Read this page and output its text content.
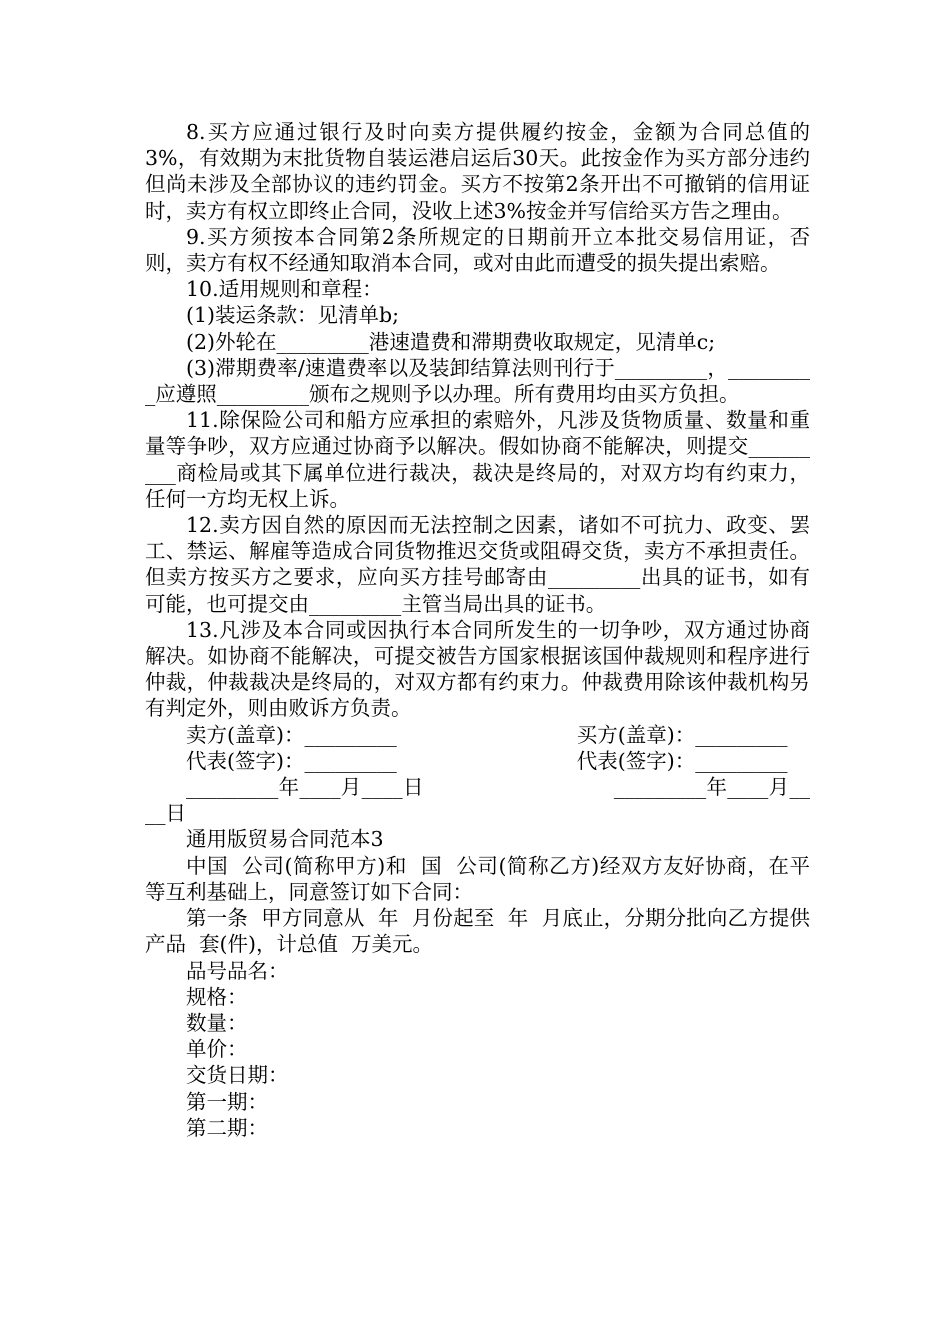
8.买方应通过银行及时向卖方提供履约按金，金额为合同总值的3%，有效期为末批货物自装运港启运后30天。此按金作为买方部分违约但尚未涉及全部协议的违约罚金。买方不按第2条开出不可撤销的信用证时，卖方有权立即终止合同，没收上述3%按金并写信给买方告之理由。

9.买方须按本合同第2条所规定的日期前开立本批交易信用证，否则，卖方有权不经通知取消本合同，或对由此而遭受的损失提出索赔。

10.适用规则和章程：

(1)装运条款：见清单b;

(2)外轮在_________港速遣费和滞期费收取规定，见清单c;

(3)滞期费率/速遣费率以及装卸结算法则刊行于_________，_________应遵照_________颁布之规则予以办理。所有费用均由买方负担。

11.除保险公司和船方应承担的索赔外，凡涉及货物质量、数量和重量等争吵，双方应通过协商予以解决。假如协商不能解决，则提交_________商检局或其下属单位进行裁决，裁决是终局的，对双方均有约束力，任何一方均无权上诉。

12.卖方因自然的原因而无法控制之因素，诸如不可抗力、政变、罢工、禁运、解雇等造成合同货物推迟交货或阻碍交货，卖方不承担责任。但卖方按买方之要求，应向买方挂号邮寄由_________出具的证书，如有可能，也可提交由_________主管当局出具的证书。

13.凡涉及本合同或因执行本合同所发生的一切争吵，双方通过协商解决。如协商不能解决，可提交被告方国家根据该国仲裁规则和程序进行仲裁，仲裁裁决是终局的，对双方都有约束力。仲裁费用除该仲裁机构另有判定外，则由败诉方负责。

卖方(盖章)：_________	买方(盖章)：_________
代表(签字)：_________	代表(签字)：_________
_________年____月____日	_________年____月____日

通用版贸易合同范本3

中国  公司(简称甲方)和  国  公司(简称乙方)经双方友好协商，在平等互利基础上，同意签订如下合同：

第一条  甲方同意从  年  月份起至  年  月底止，分期分批向乙方提供产品  套(件)，计总值  万美元。

品号品名：

规格：

数量：

单价：

交货日期：

第一期：

第二期：
